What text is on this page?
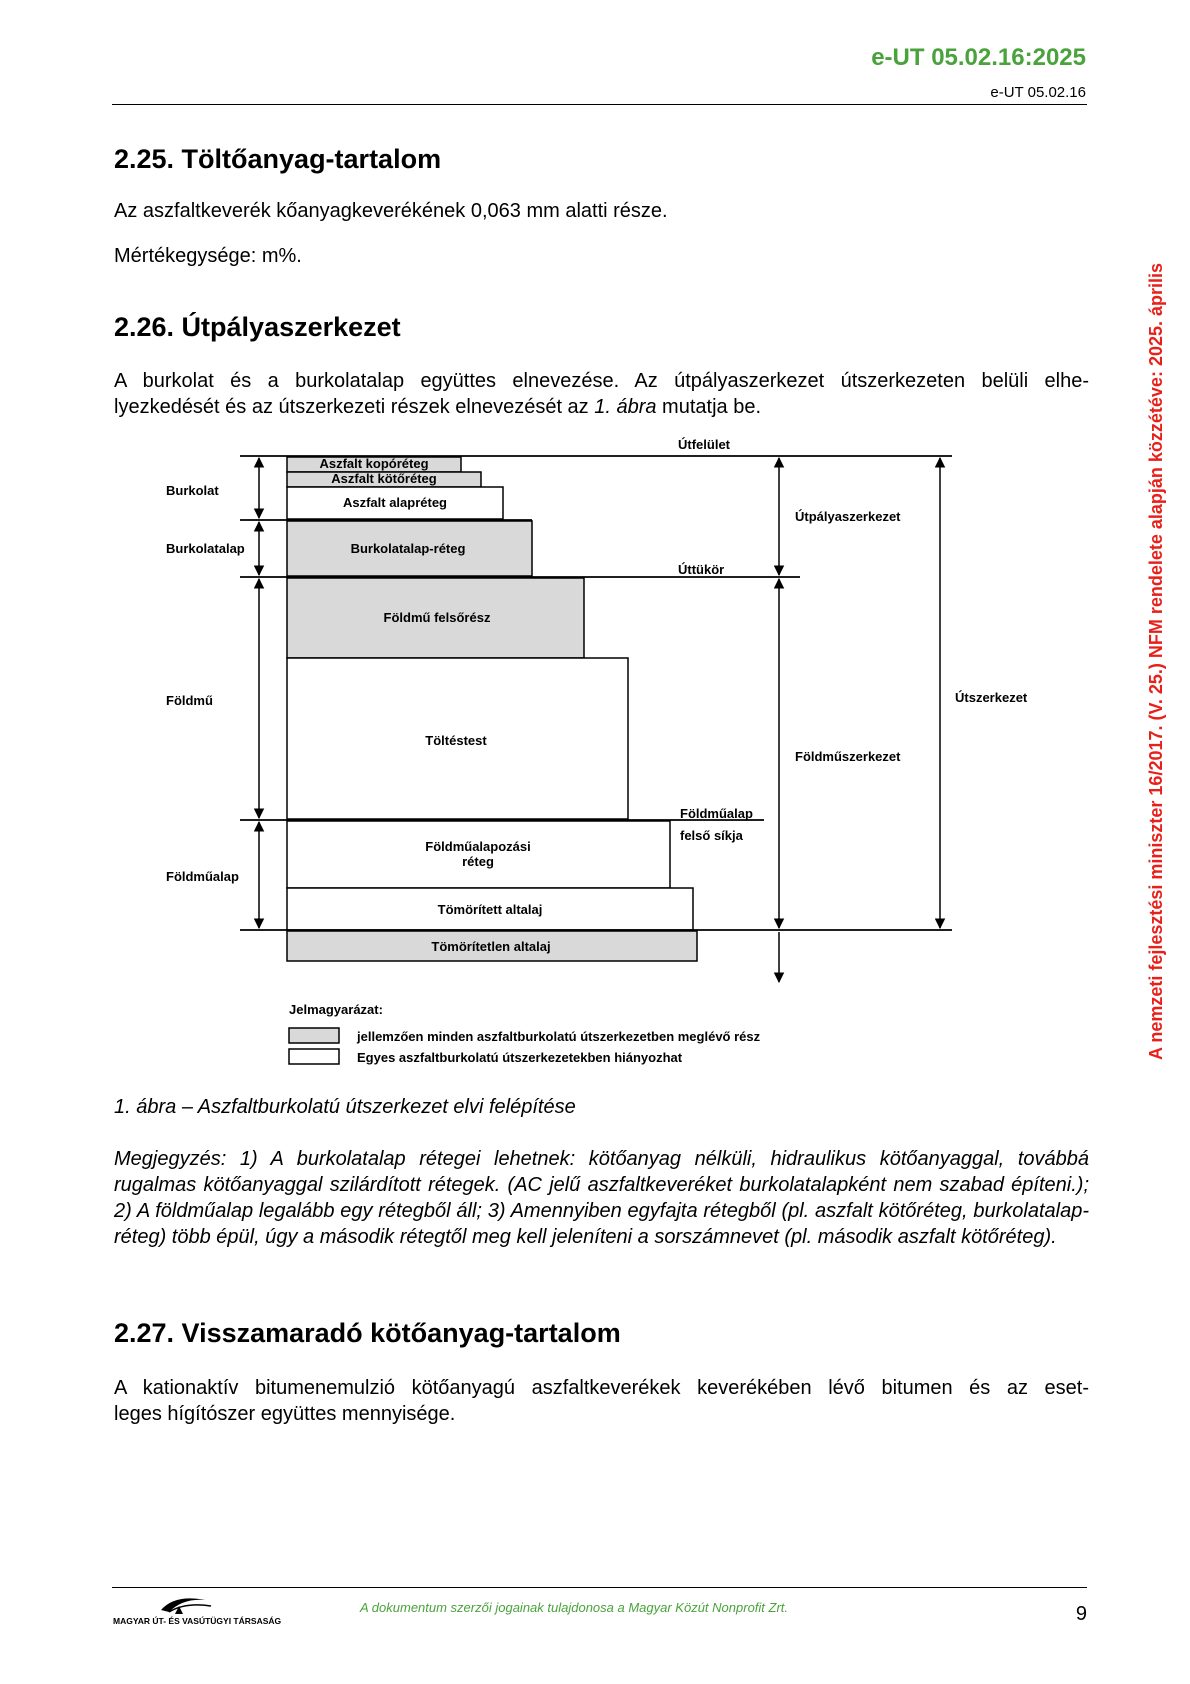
e-UT 05.02.16:2025
e-UT 05.02.16
A nemzeti fejlesztési miniszter 16/2017. (V. 25.) NFM rendelete alapján közzétéve: 2025. április
2.25. Töltőanyag-tartalom

Az aszfaltkeverék kőanyagkeverékének 0,063 mm alatti része.

Mértékegysége: m%.

2.26. Útpályaszerkezet

A burkolat és a burkolatalap együttes elnevezése. Az útpályaszerkezet útszerkezeten belüli elhe-

lyezkedését és az útszerkezeti részek elnevezését az 1. ábra mutatja be.

Aszfalt kopóréteg
Aszfalt kötőréteg
Aszfalt alapréteg
Burkolatalap-réteg
Földmű felsőrész
Töltéstest
Földműalapozási
réteg
Tömörített altalaj
Tömörítetlen altalaj
Burkolat
Burkolatalap
Földmű
Földműalap
Útfelület
Úttükör
Útpályaszerkezet
Földműalap
felső síkja
Földműszerkezet
Útszerkezet
Jelmagyarázat:
jellemzően minden aszfaltburkolatú útszerkezetben meglévő rész
Egyes aszfaltburkolatú útszerkezetekben hiányozhat
1. ábra – Aszfaltburkolatú útszerkezet elvi felépítése

Megjegyzés: 1) A burkolatalap rétegei lehetnek: kötőanyag nélküli, hidraulikus kötőanyaggal, továbbá rugalmas kötőanyaggal szilárdított rétegek. (AC jelű aszfaltkeveréket burkolatalapként nem szabad építeni.); 2) A földműalap legalább egy rétegből áll; 3) Amennyiben egyfajta rétegből (pl. aszfalt kötőréteg, burkolatalap-réteg) több épül, úgy a második rétegtől meg kell jeleníteni a sorszámnevet (pl. második aszfalt kötőréteg).

2.27. Visszamaradó kötőanyag-tartalom

A kationaktív bitumenemulzió kötőanyagú aszfaltkeverékek keverékében lévő bitumen és az eset-

leges hígítószer együttes mennyisége.

MAGYAR ÚT- ÉS VASÚTÜGYI TÁRSASÁG
A dokumentum szerzői jogainak tulajdonosa a Magyar Közút Nonprofit Zrt.	9
